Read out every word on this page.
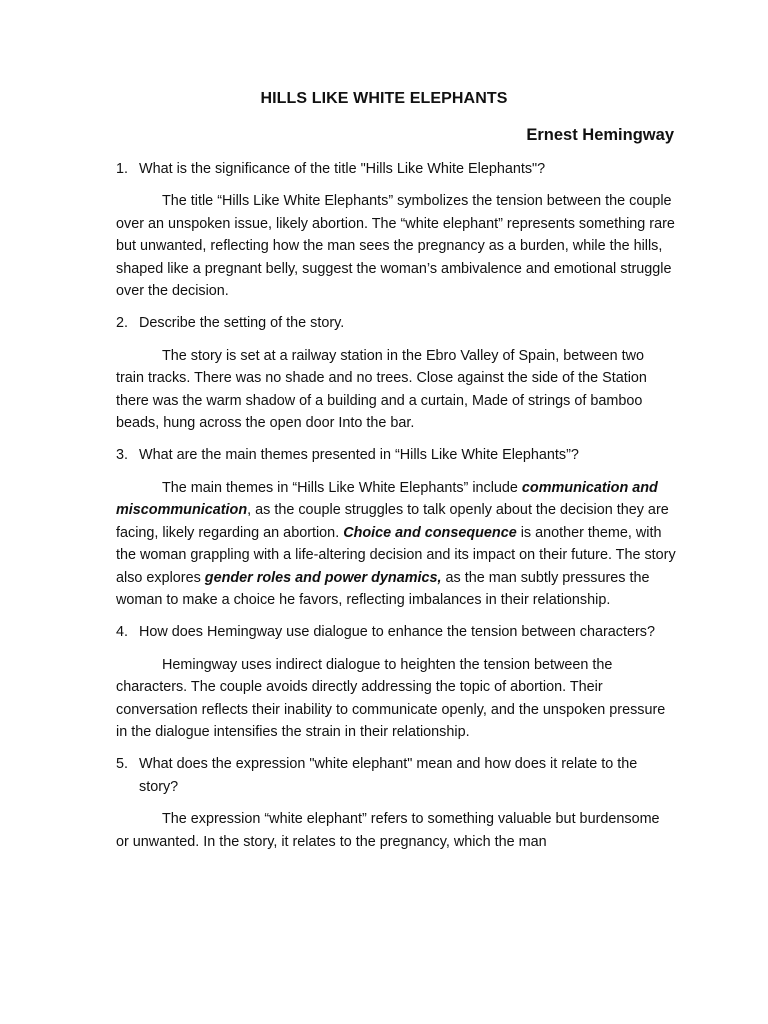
HILLS LIKE WHITE ELEPHANTS
Ernest Hemingway

1. What is the significance of the title "Hills Like White Elephants"?

The title “Hills Like White Elephants” symbolizes the tension between the couple over an unspoken issue, likely abortion. The “white elephant” represents something rare but unwanted, reflecting how the man sees the pregnancy as a burden, while the hills, shaped like a pregnant belly, suggest the woman’s ambivalence and emotional struggle over the decision.

2. Describe the setting of the story.

The story is set at a railway station in the Ebro Valley of Spain, between two train tracks. There was no shade and no trees. Close against the side of the Station there was the warm shadow of a building and a curtain, Made of strings of bamboo beads, hung across the open door Into the bar.

3. What are the main themes presented in “Hills Like White Elephants”?

The main themes in “Hills Like White Elephants” include communication and miscommunication, as the couple struggles to talk openly about the decision they are facing, likely regarding an abortion. Choice and consequence is another theme, with the woman grappling with a life-altering decision and its impact on their future. The story also explores gender roles and power dynamics, as the man subtly pressures the woman to make a choice he favors, reflecting imbalances in their relationship.

4. How does Hemingway use dialogue to enhance the tension between characters?

Hemingway uses indirect dialogue to heighten the tension between the characters. The couple avoids directly addressing the topic of abortion. Their conversation reflects their inability to communicate openly, and the unspoken pressure in the dialogue intensifies the strain in their relationship.

5. What does the expression "white elephant" mean and how does it relate to the story?

The expression “white elephant” refers to something valuable but burdensome or unwanted. In the story, it relates to the pregnancy, which the man
